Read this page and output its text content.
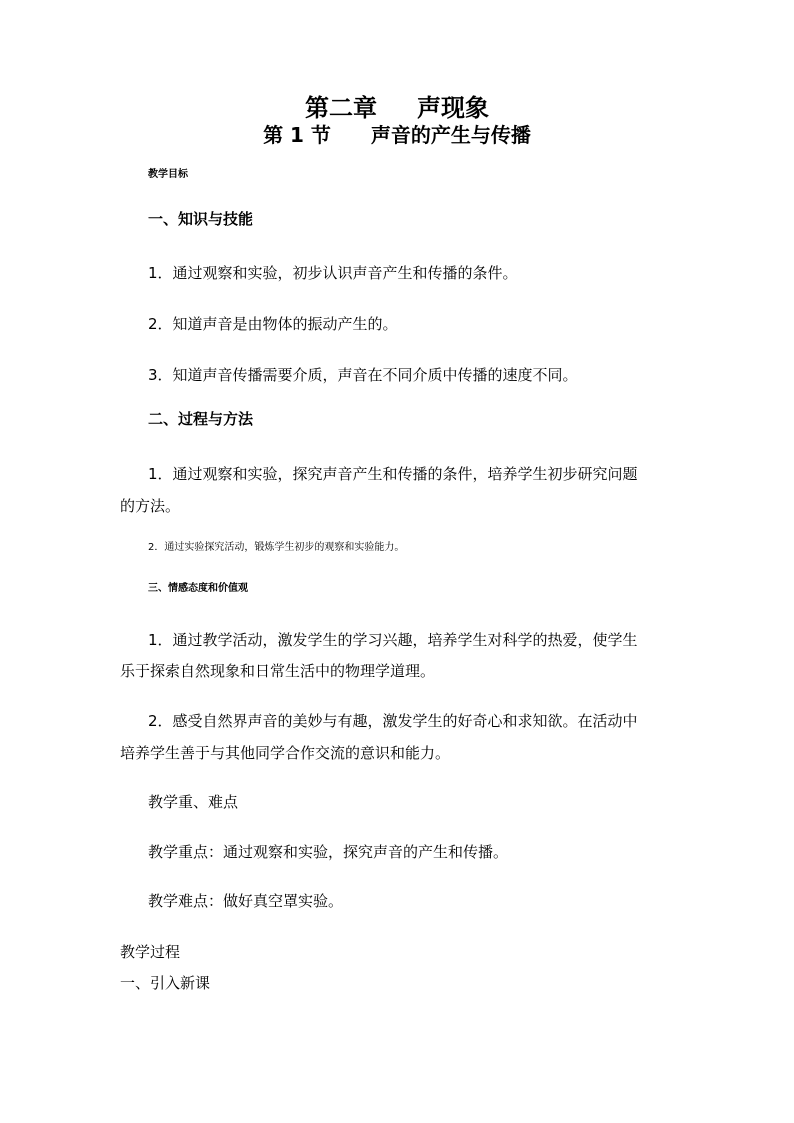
第二章 声现象
第 1 节 声音的产生与传播

教学目标

一、知识与技能

1．通过观察和实验，初步认识声音产生和传播的条件。

2．知道声音是由物体的振动产生的。

3．知道声音传播需要介质，声音在不同介质中传播的速度不同。

二、过程与方法

1．通过观察和实验，探究声音产生和传播的条件，培养学生初步研究问题

的方法。

2．通过实验探究活动，锻炼学生初步的观察和实验能力。

三、情感态度和价值观

1．通过教学活动，激发学生的学习兴趣，培养学生对科学的热爱，使学生

乐于探索自然现象和日常生活中的物理学道理。

2．感受自然界声音的美妙与有趣，激发学生的好奇心和求知欲。在活动中

培养学生善于与其他同学合作交流的意识和能力。

教学重、难点

教学重点：通过观察和实验，探究声音的产生和传播。

教学难点：做好真空罩实验。

教学过程

一、引入新课
